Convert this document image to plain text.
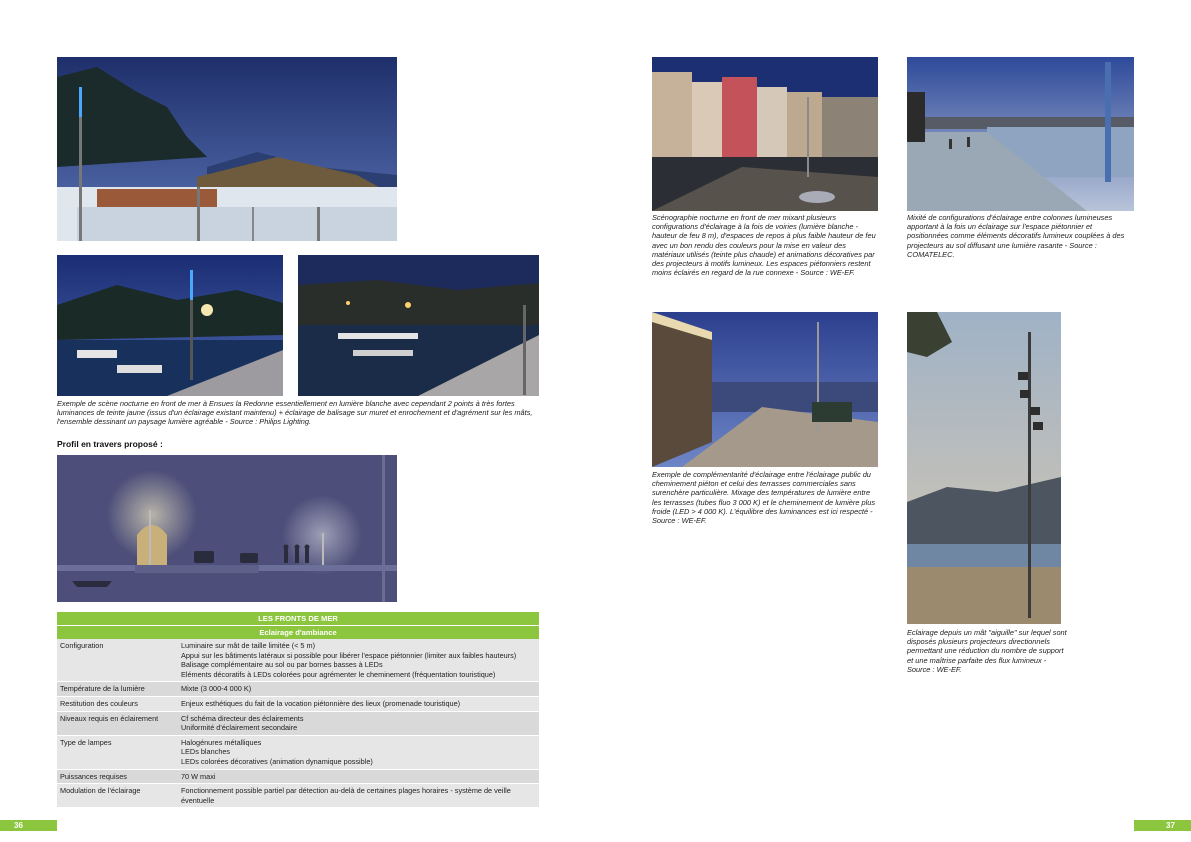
Exemple de scène nocturne en front de mer à Ensues la Redonne essentiellement en lumière blanche avec cependant 2 points à très fortes luminances de teinte jaune (issus d'un éclairage existant maintenu) + éclairage de balisage sur muret et enrochement et d'agrément sur les mâts, l'ensemble dessinant un paysage lumière agréable - Source : Philips Lighting.

Profil en travers proposé :

LES FRONTS DE MER
Eclairage d'ambiance
Configuration	Luminaire sur mât de taille limitée (< 5 m)
Appui sur les bâtiments latéraux si possible pour libérer l'espace piétonnier (limiter aux faibles hauteurs)
Balisage complémentaire au sol ou par bornes basses à LEDs
Eléments décoratifs à LEDs colorées pour agrémenter le cheminement (fréquentation touristique)
Température de la lumière	Mixte (3 000-4 000 K)
Restitution des couleurs	Enjeux esthétiques du fait de la vocation piétonnière des lieux (promenade touristique)
Niveaux requis en éclairement	Cf schéma directeur des éclairements
Uniformité d'éclairement secondaire
Type de lampes	Halogénures métalliques
LEDs blanches
LEDs colorées décoratives (animation dynamique possible)
Puissances requises	70 W maxi
Modulation de l'éclairage	Fonctionnement possible partiel par détection au-delà de certaines plages horaires - système de veille éventuelle
36

Scénographie nocturne en front de mer mixant plusieurs configurations d'éclairage à la fois de voiries (lumière blanche - hauteur de feu 8 m), d'espaces de repos à plus faible hauteur de feu avec un bon rendu des couleurs pour la mise en valeur des matériaux utilisés (teinte plus chaude) et animations décoratives par des projecteurs à motifs lumineux. Les espaces piétonniers restent moins éclairés en regard de la rue connexe - Source : WE-EF.

Mixité de configurations d'éclairage entre colonnes lumineuses apportant à la fois un éclairage sur l'espace piétonnier et positionnées comme éléments décoratifs lumineux couplées à des projecteurs au sol diffusant une lumière rasante - Source : COMATELEC.

Exemple de complémentarité d'éclairage entre l'éclairage public du cheminement piéton et celui des terrasses commerciales sans surenchère particulière. Mixage des températures de lumière entre les terrasses (tubes fluo 3 000 K) et le cheminement de lumière plus froide (LED > 4 000 K). L'équilibre des luminances est ici respecté - Source : WE-EF.

Eclairage depuis un mât "aiguille" sur lequel sont disposés plusieurs projecteurs directionnels permettant une réduction du nombre de support et une maîtrise parfaite des flux lumineux - Source : WE-EF.

37
